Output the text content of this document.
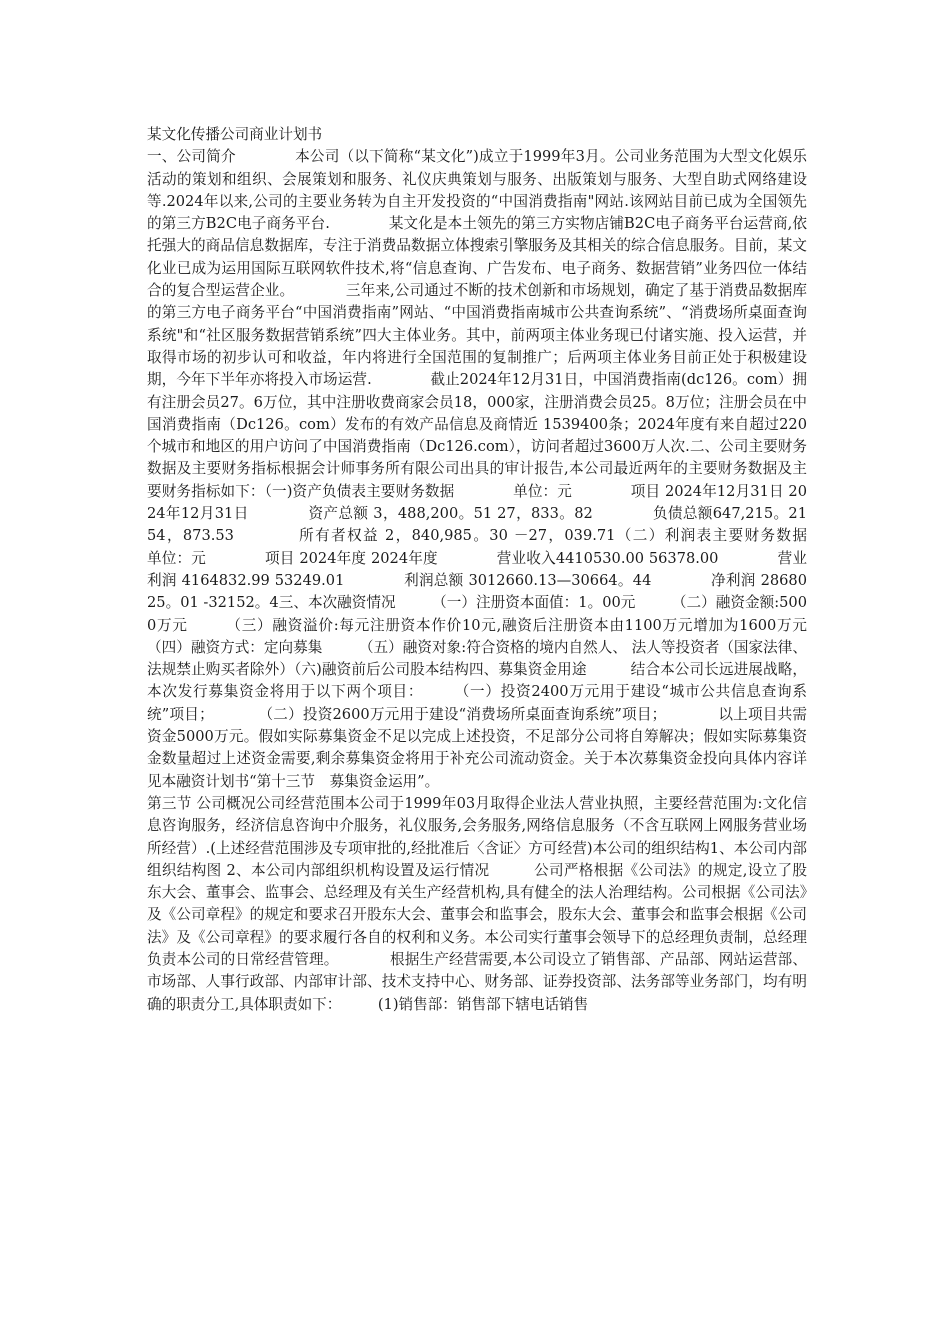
某文化传播公司商业计划书

一、公司简介　　　　本公司（以下简称“某文化”)成立于1999年3月。公司业务范围为大型文化娱乐活动的策划和组织、会展策划和服务、礼仪庆典策划与服务、出版策划与服务、大型自助式网络建设等.2024年以来,公司的主要业务转为自主开发投资的“中国消费指南"网站.该网站目前已成为全国领先的第三方B2C电子商务平台.　　　　某文化是本土领先的第三方实物店铺B2C电子商务平台运营商,依托强大的商品信息数据库，专注于消费品数据立体搜索引擎服务及其相关的综合信息服务。目前，某文化业已成为运用国际互联网软件技术,将“信息查询、广告发布、电子商务、数据营销”业务四位一体结合的复合型运营企业。　　　　三年来,公司通过不断的技术创新和市场规划，确定了基于消费品数据库的第三方电子商务平台“中国消费指南”网站、“中国消费指南城市公共查询系统”、“消费场所桌面查询系统"和“社区服务数据营销系统”四大主体业务。其中，前两项主体业务现已付诸实施、投入运营，并取得市场的初步认可和收益，年内将进行全国范围的复制推广；后两项主体业务目前正处于积极建设期，今年下半年亦将投入市场运营.　　　　截止2024年12月31日，中国消费指南(dc126。com）拥有注册会员27。6万位，其中注册收费商家会员18，000家，注册消费会员25。8万位；注册会员在中国消费指南（Dc126。com）发布的有效产品信息及商情近 1539400条；2024年度有来自超过220个城市和地区的用户访问了中国消费指南（Dc126.com），访问者超过3600万人次.二、公司主要财务数据及主要财务指标根据会计师事务所有限公司出具的审计报告,本公司最近两年的主要财务数据及主要财务指标如下：（一)资产负债表主要财务数据　　　　单位：元　　　　项目 2024年12月31日 2024年12月31日　　　　资产总额 3，488,200。51 27，833。82　　　　负债总额647,215。21 54，873.53　　　　所有者权益 2，840,985。30 －27，039.71（二）利润表主要财务数据　　　　单位：元　　　　项目 2024年度 2024年度　　　　营业收入4410530.00 56378.00　　　　营业利润 4164832.99 53249.01　　　　利润总额 3012660.13—30664。44　　　　净利润 2868025。01 -32152。4三、本次融资情况　　　（一）注册资本面值：1。00元　　　（二）融资金额:5000万元　　　（三）融资溢价:每元注册资本作价10元,融资后注册资本由1100万元增加为1600万元　　　（四）融资方式：定向募集　　　（五）融资对象:符合资格的境内自然人、 法人等投资者（国家法律、法规禁止购买者除外）（六)融资前后公司股本结构四、募集资金用途　　　结合本公司长远进展战略，本次发行募集资金将用于以下两个项目：　　　（一）投资2400万元用于建设“城市公共信息查询系统”项目；　　　　（二）投资2600万元用于建设“消费场所桌面查询系统”项目；　　　　以上项目共需资金5000万元。假如实际募集资金不足以完成上述投资，不足部分公司将自筹解决；假如实际募集资金数量超过上述资金需要,剩余募集资金将用于补充公司流动资金。关于本次募集资金投向具体内容详见本融资计划书“第十三节　募集资金运用”。

第三节 公司概况公司经营范围本公司于1999年03月取得企业法人营业执照，主要经营范围为:文化信息咨询服务，经济信息咨询中介服务，礼仪服务,会务服务,网络信息服务（不含互联网上网服务营业场所经营）.(上述经营范围涉及专项审批的,经批准后〈含证〉方可经营)本公司的组织结构1、本公司内部组织结构图 2、本公司内部组织机构设置及运行情况　　　公司严格根据《公司法》的规定,设立了股东大会、董事会、监事会、总经理及有关生产经营机构,具有健全的法人治理结构。公司根据《公司法》及《公司章程》的规定和要求召开股东大会、董事会和监事会，股东大会、董事会和监事会根据《公司法》及《公司章程》的要求履行各自的权利和义务。本公司实行董事会领导下的总经理负责制，总经理负责本公司的日常经营管理。　　　　根据生产经营需要,本公司设立了销售部、产品部、网站运营部、市场部、人事行政部、内部审计部、技术支持中心、财务部、证券投资部、法务部等业务部门，均有明确的职责分工,具体职责如下：　　　(1)销售部：销售部下辖电话销售
